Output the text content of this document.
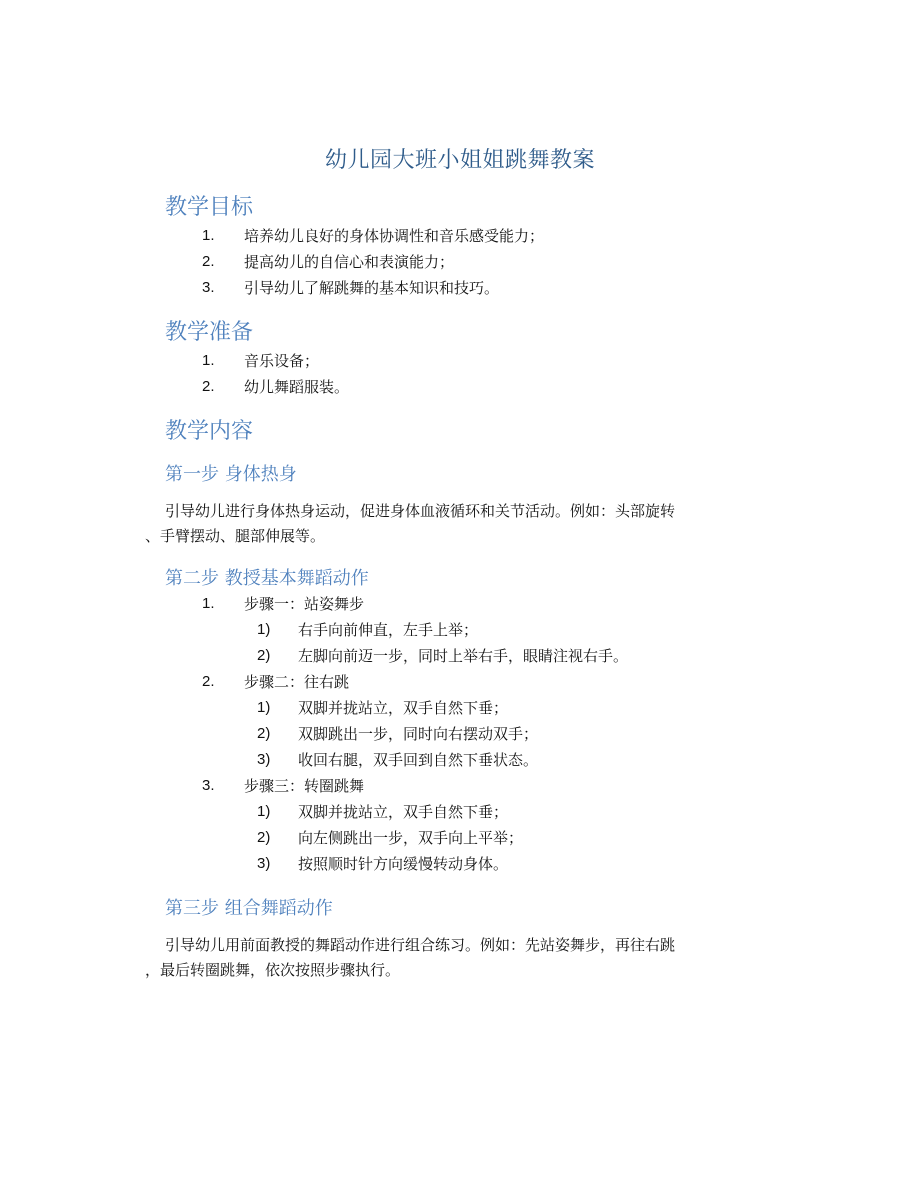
幼儿园大班小姐姐跳舞教案
教学目标
1. 培养幼儿良好的身体协调性和音乐感受能力；
2. 提高幼儿的自信心和表演能力；
3. 引导幼儿了解跳舞的基本知识和技巧。
教学准备
1. 音乐设备；
2. 幼儿舞蹈服装。
教学内容
第一步 身体热身
引导幼儿进行身体热身运动，促进身体血液循环和关节活动。例如：头部旋转
、手臂摆动、腿部伸展等。
第二步 教授基本舞蹈动作
1. 步骤一：站姿舞步
1) 右手向前伸直，左手上举；
2) 左脚向前迈一步，同时上举右手，眼睛注视右手。
2. 步骤二：往右跳
1) 双脚并拢站立，双手自然下垂；
2) 双脚跳出一步，同时向右摆动双手；
3) 收回右腿，双手回到自然下垂状态。
3. 步骤三：转圈跳舞
1) 双脚并拢站立，双手自然下垂；
2) 向左侧跳出一步，双手向上平举；
3) 按照顺时针方向缓慢转动身体。
第三步 组合舞蹈动作
引导幼儿用前面教授的舞蹈动作进行组合练习。例如：先站姿舞步，再往右跳
，最后转圈跳舞，依次按照步骤执行。
